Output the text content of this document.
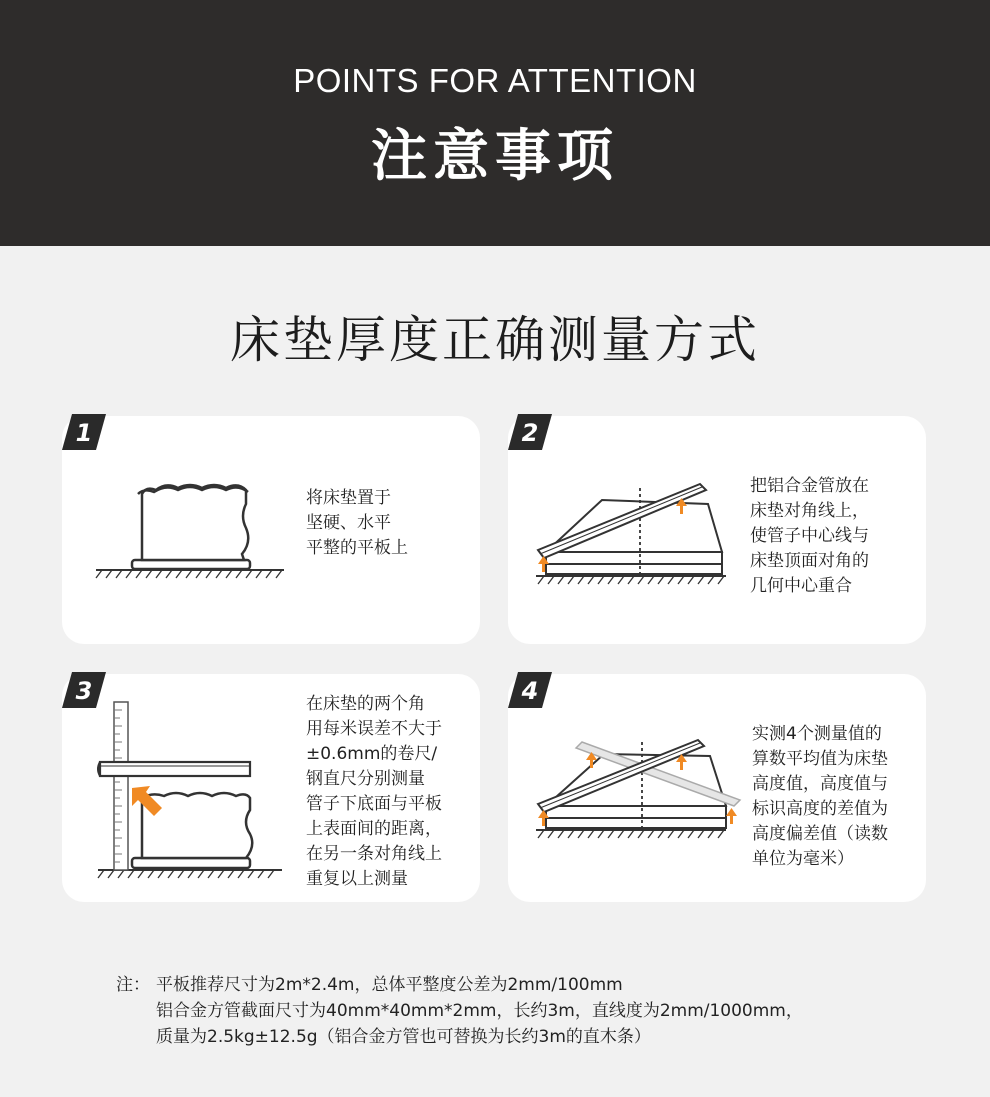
POINTS FOR ATTENTION
注意事项
床垫厚度正确测量方式
将床垫置于
坚硬、水平
平整的平板上
把铝合金管放在
床垫对角线上，
使管子中心线与
床垫顶面对角的
几何中心重合
在床垫的两个角
用每米误差不大于
±0.6mm的卷尺/
钢直尺分别测量
管子下底面与平板
上表面间的距离，
在另一条对角线上
重复以上测量
实测4个测量值的
算数平均值为床垫
高度值，高度值与
标识高度的差值为
高度偏差值（读数
单位为毫米）
1	2
3	4
注： 平板推荐尺寸为2m*2.4m，总体平整度公差为2mm/100mm
铝合金方管截面尺寸为40mm*40mm*2mm，长约3m，直线度为2mm/1000mm，
质量为2.5kg±12.5g（铝合金方管也可替换为长约3m的直木条）
